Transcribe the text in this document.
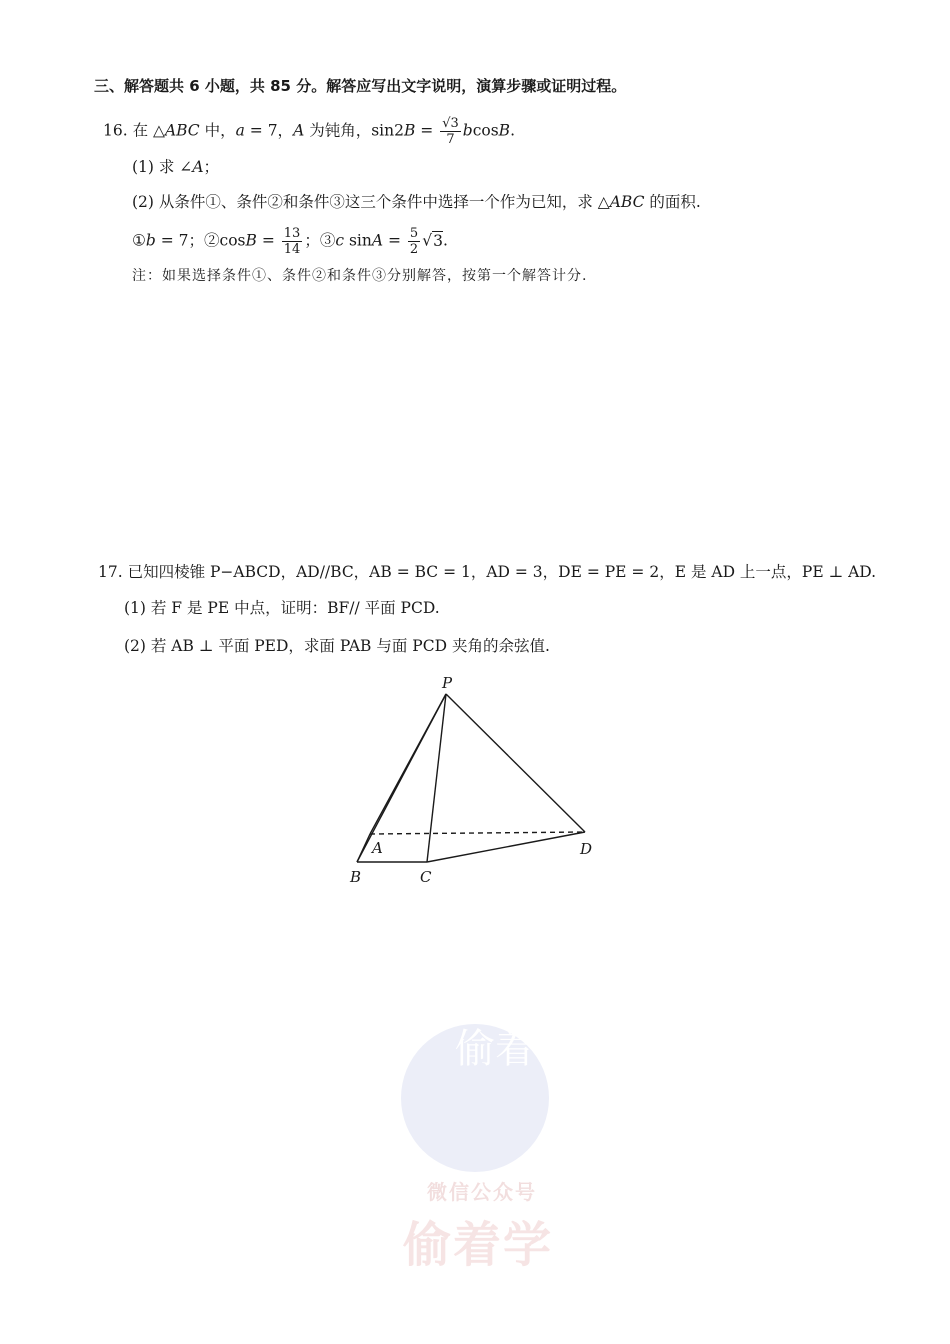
三、解答题共 6 小题，共 85 分。解答应写出文字说明，演算步骤或证明过程。
16. 在 △ABC 中，a = 7，A 为钝角，$\sin 2B = \frac{√3}{7} bcosB$.
(1) 求 ∠A；
(2) 从条件①、条件②和条件③这三个条件中选择一个作为已知，求 △ABC 的面积.
①b = 7；②cosB = $\frac{13}{14}$ ；③c $\sin A = \frac{5}{2} √3$.
注：如果选择条件①、条件②和条件③分别解答，按第一个解答计分.
17. 已知四棱锥 P−ABCD，AD//BC，AB = BC = 1，AD = 3，DE = PE = 2，E 是 AD 上一点，PE ⊥ AD.
(1) 若 F 是 PE 中点，证明：BF// 平面 PCD.
(2) 若 AB ⊥ 平面 PED，求面 PAB 与面 PCD 夹角的余弦值.
P
A
B	C
D
偷着学
微信公众号
偷着学
